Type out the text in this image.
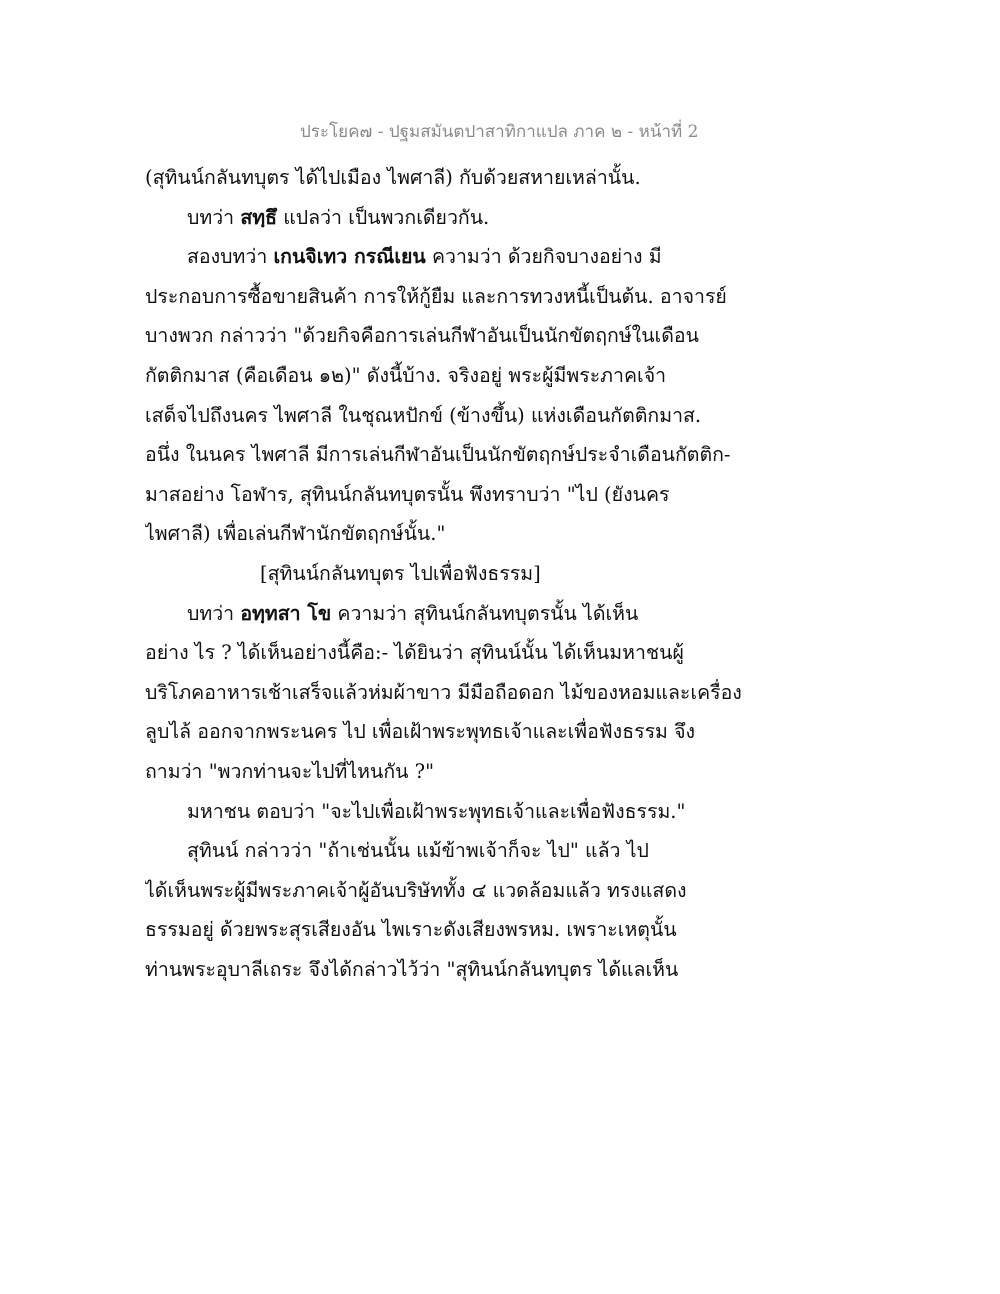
ประโยค๗ - ปฐมสมันตปาสาทิกาแปล ภาค ๒ - หน้าที่ 2
(สุทินน์กลันทบุตร ได้ไปเมือง ไพศาลี) กับด้วยสหายเหล่านั้น.
บทว่า สทฺธึ แปลว่า เป็นพวกเดียวกัน.
สองบทว่า เกนจิเทว กรณีเยน ความว่า ด้วยกิจบางอย่าง มี
ประกอบการซื้อขายสินค้า การให้กู้ยืม และการทวงหนี้เป็นต้น. อาจารย์
บางพวก กล่าวว่า "ด้วยกิจคือการเล่นกีฬาอันเป็นนักขัตฤกษ์ในเดือน
กัตติกมาส (คือเดือน ๑๒)" ดังนี้บ้าง. จริงอยู่ พระผู้มีพระภาคเจ้า
เสด็จไปถึงนคร ไพศาลี ในชุณหปักข์ (ข้างขึ้น) แห่งเดือนกัตติกมาส.
อนึ่ง ในนคร ไพศาลี มีการเล่นกีฬาอันเป็นนักขัตฤกษ์ประจำเดือนกัตติก-
มาสอย่าง โอฬาร, สุทินน์กลันทบุตรนั้น พึงทราบว่า "ไป (ยังนคร
ไพศาลี) เพื่อเล่นกีฬานักขัตฤกษ์นั้น."
[สุทินน์กลันทบุตร ไปเพื่อฟังธรรม]
บทว่า อทฺทสา โข ความว่า สุทินน์กลันทบุตรนั้น ได้เห็น
อย่าง ไร ? ได้เห็นอย่างนี้คือ:- ได้ยินว่า สุทินน์นั้น ได้เห็นมหาชนผู้
บริโภคอาหารเช้าเสร็จแล้วห่มผ้าขาว มีมือถือดอก ไม้ของหอมและเครื่อง
ลูบไล้ ออกจากพระนคร ไป เพื่อเฝ้าพระพุทธเจ้าและเพื่อฟังธรรม จึง
ถามว่า "พวกท่านจะไปที่ไหนกัน ?"
มหาชน ตอบว่า "จะไปเพื่อเฝ้าพระพุทธเจ้าและเพื่อฟังธรรม."
สุทินน์ กล่าวว่า "ถ้าเช่นนั้น แม้ข้าพเจ้าก็จะ ไป" แล้ว ไป
ได้เห็นพระผู้มีพระภาคเจ้าผู้อันบริษัททั้ง ๔ แวดล้อมแล้ว ทรงแสดง
ธรรมอยู่ ด้วยพระสุรเสียงอัน ไพเราะดังเสียงพรหม. เพราะเหตุนั้น
ท่านพระอุบาลีเถระ จึงได้กล่าวไว้ว่า "สุทินน์กลันทบุตร ได้แลเห็น
